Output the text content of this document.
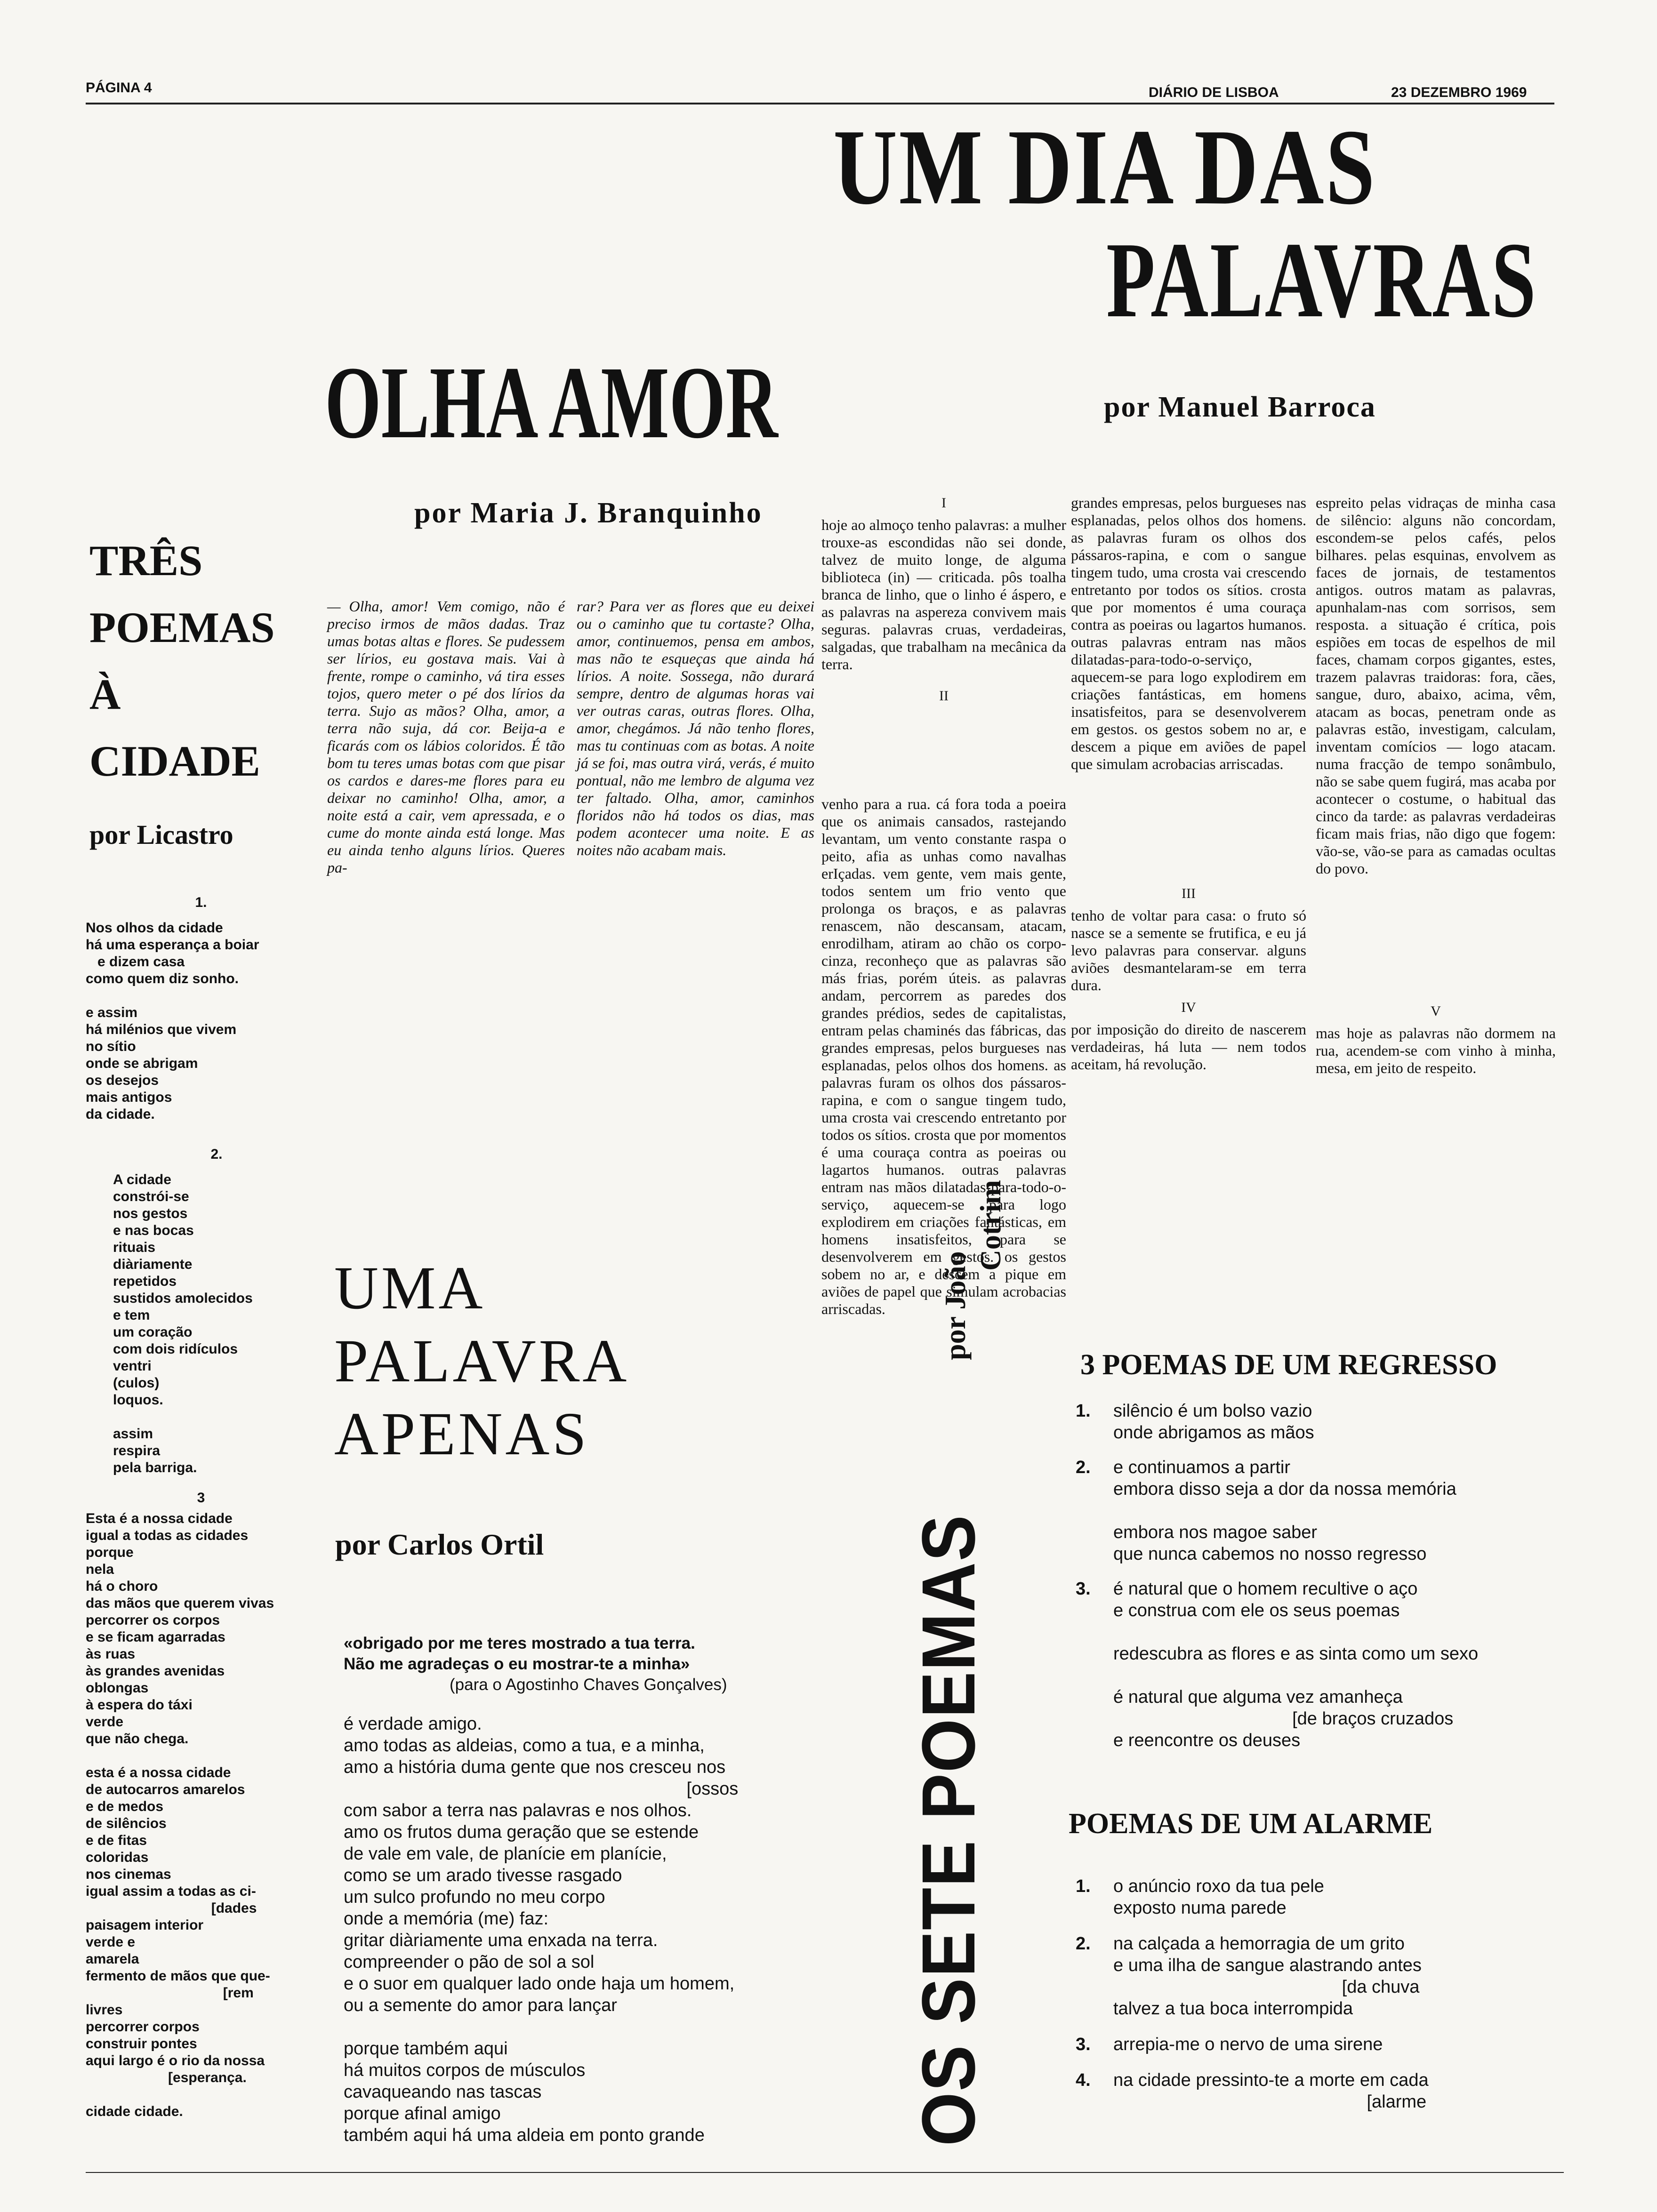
PÁGINA 4	DIÁRIO DE LISBOA	23 DEZEMBRO 1969
UM DIA DAS
PALAVRAS
por Manuel Barroca
OLHA AMOR
por Maria J. Branquinho
— Olha, amor! Vem comigo, não é preciso irmos de mãos dadas. Traz umas botas altas e flores. Se pudessem ser lírios, eu gostava mais. Vai à frente, rompe o caminho, vá tira esses tojos, quero meter o pé dos lírios da terra. Sujo as mãos? Olha, amor, a terra não suja, dá cor. Beija-a e ficarás com os lábios coloridos. É tão bom tu teres umas botas com que pisar os cardos e dares-me flores para eu deixar no caminho! Olha, amor, a noite está a cair, vem apressada, e o cume do monte ainda está longe. Mas eu ainda tenho alguns lírios. Queres pa-
rar? Para ver as flores que eu deixei ou o caminho que tu cortaste? Olha, amor, continuemos, pensa em ambos, mas não te esqueças que ainda há lírios. A noite. Sossega, não durará sempre, dentro de algumas horas vai ver outras caras, outras flores. Olha, amor, chegámos. Já não tenho flores, mas tu continuas com as botas. A noite já se foi, mas outra virá, verás, é muito pontual, não me lembro de alguma vez ter faltado. Olha, amor, caminhos floridos não há todos os dias, mas podem acontecer uma noite. E as noites não acabam mais.
I

hoje ao almoço tenho palavras: a mulher trouxe-as escondidas não sei donde, talvez de muito longe, de alguma biblioteca (in) — criticada. pôs toalha branca de linho, que o linho é áspero, e as palavras na aspereza convivem mais seguras. palavras cruas, verdadeiras, salgadas, que trabalham na mecânica da terra.

II
venho para a rua. cá fora toda a poeira que os animais cansados, rastejando levantam, um vento constante raspa o peito, afia as unhas como navalhas erIçadas. vem gente, vem mais gente, todos sentem um frio vento que prolonga os braços, e as palavras renascem, não descansam, atacam, enrodilham, atiram ao chão os corpo-cinza, reconheço que as palavras são más frias, porém úteis. as palavras andam, percorrem as paredes dos grandes prédios, sedes de capitalistas, entram pelas chaminés das fábricas, das grandes empresas, pelos burgueses nas esplanadas, pelos olhos dos homens. as palavras furam os olhos dos pássaros-rapina, e com o sangue tingem tudo, uma crosta vai crescendo entretanto por todos os sítios. crosta que por momentos é uma couraça contra as poeiras ou lagartos humanos. outras palavras entram nas mãos dilatadas-para-todo-o-serviço, aquecem-se para logo explodirem em criações fantásticas, em homens insatisfeitos, para se desenvolverem em gestos. os gestos sobem no ar, e descem a pique em aviões de papel que simulam acrobacias arriscadas.

grandes empresas, pelos burgueses nas esplanadas, pelos olhos dos homens. as palavras furam os olhos dos pássaros-rapina, e com o sangue tingem tudo, uma crosta vai crescendo entretanto por todos os sítios. crosta que por momentos é uma couraça contra as poeiras ou lagartos humanos. outras palavras entram nas mãos dilatadas-para-todo-o-serviço, aquecem-se para logo explodirem em criações fantásticas, em homens insatisfeitos, para se desenvolverem em gestos. os gestos sobem no ar, e descem a pique em aviões de papel que simulam acrobacias arriscadas.

III

tenho de voltar para casa: o fruto só nasce se a semente se frutifica, e eu já levo palavras para conservar. alguns aviões desmantelaram-se em terra dura.

IV

por imposição do direito de nascerem verdadeiras, há luta — nem todos aceitam, há revolução.

espreito pelas vidraças de minha casa de silêncio: alguns não concordam, escondem-se pelos cafés, pelos bilhares. pelas esquinas, envolvem as faces de jornais, de testamentos antigos. outros matam as palavras, apunhalam-nas com sorrisos, sem resposta. a situação é crítica, pois espiões em tocas de espelhos de mil faces, chamam corpos gigantes, estes, trazem palavras traidoras: fora, cães, sangue, duro, abaixo, acima, vêm, atacam as bocas, penetram onde as palavras estão, investigam, calculam, inventam comícios — logo atacam. numa fracção de tempo sonâmbulo, não se sabe quem fugirá, mas acaba por acontecer o costume, o habitual das cinco da tarde: as palavras verdadeiras ficam mais frias, não digo que fogem: vão-se, vão-se para as camadas ocultas do povo.

V

mas hoje as palavras não dormem na rua, acendem-se com vinho à minha, mesa, em jeito de respeito.

TRÊS
POEMAS
À
CIDADE
por Licastro
1.
Nos olhos da cidade
há uma esperança a boiar
e dizem casa
como quem diz sonho.

e assim
há milénios que vivem
no sítio
onde se abrigam
os desejos
mais antigos
da cidade.
2.
A cidade
constrói-se
nos gestos
e nas bocas
rituais
diàriamente
repetidos
sustidos amolecidos
e tem
um coração
com dois ridículos
ventri
(culos)
loquos.

assim
respira
pela barriga.
3
Esta é a nossa cidade
igual a todas as cidades
porque
nela
há o choro
das mãos que querem vivas
percorrer os corpos
e se ficam agarradas
às ruas
às grandes avenidas
oblongas
à espera do táxi
verde
que não chega.

esta é a nossa cidade
de autocarros amarelos
e de medos
de silêncios
e de fitas
coloridas
nos cinemas
igual assim a todas as ci-
[dades
paisagem interior
verde e
amarela
fermento de mãos que que-
[rem
livres
percorrer corpos
construir pontes
aqui largo é o rio da nossa
[esperança.

cidade cidade.
UMA
PALAVRA
APENAS
por Carlos Ortil
«obrigado por me teres mostrado a tua terra.
Não me agradeças o eu mostrar-te a minha»
(para o Agostinho Chaves Gonçalves)
é verdade amigo.
amo todas as aldeias, como a tua, e a minha,
amo a história duma gente que nos cresceu nos
[ossos
com sabor a terra nas palavras e nos olhos.
amo os frutos duma geração que se estende
de vale em vale, de planície em planície,
como se um arado tivesse rasgado
um sulco profundo no meu corpo
onde a memória (me) faz:
gritar diàriamente uma enxada na terra.
compreender o pão de sol a sol
e o suor em qualquer lado onde haja um homem,
ou a semente do amor para lançar

porque também aqui
há muitos corpos de músculos
cavaqueando nas tascas
porque afinal amigo
também aqui há uma aldeia em ponto grande	OS SETE POEMAS
por João
Cotrim
3 POEMAS DE UM REGRESSO
1. silêncio é um bolso vazio
onde abrigamos as mãos
2. e continuamos a partir
embora disso seja a dor da nossa memória

embora nos magoe saber
que nunca cabemos no nosso regresso
3. é natural que o homem recultive o aço
e construa com ele os seus poemas

redescubra as flores e as sinta como um sexo

é natural que alguma vez amanheça
[de braços cruzados
e reencontre os deuses
POEMAS DE UM ALARME
1. o anúncio roxo da tua pele
exposto numa parede
2. na calçada a hemorragia de um grito
e uma ilha de sangue alastrando antes
[da chuva
talvez a tua boca interrompida
3. arrepia-me o nervo de uma sirene
4. na cidade pressinto-te a morte em cada
[alarme
